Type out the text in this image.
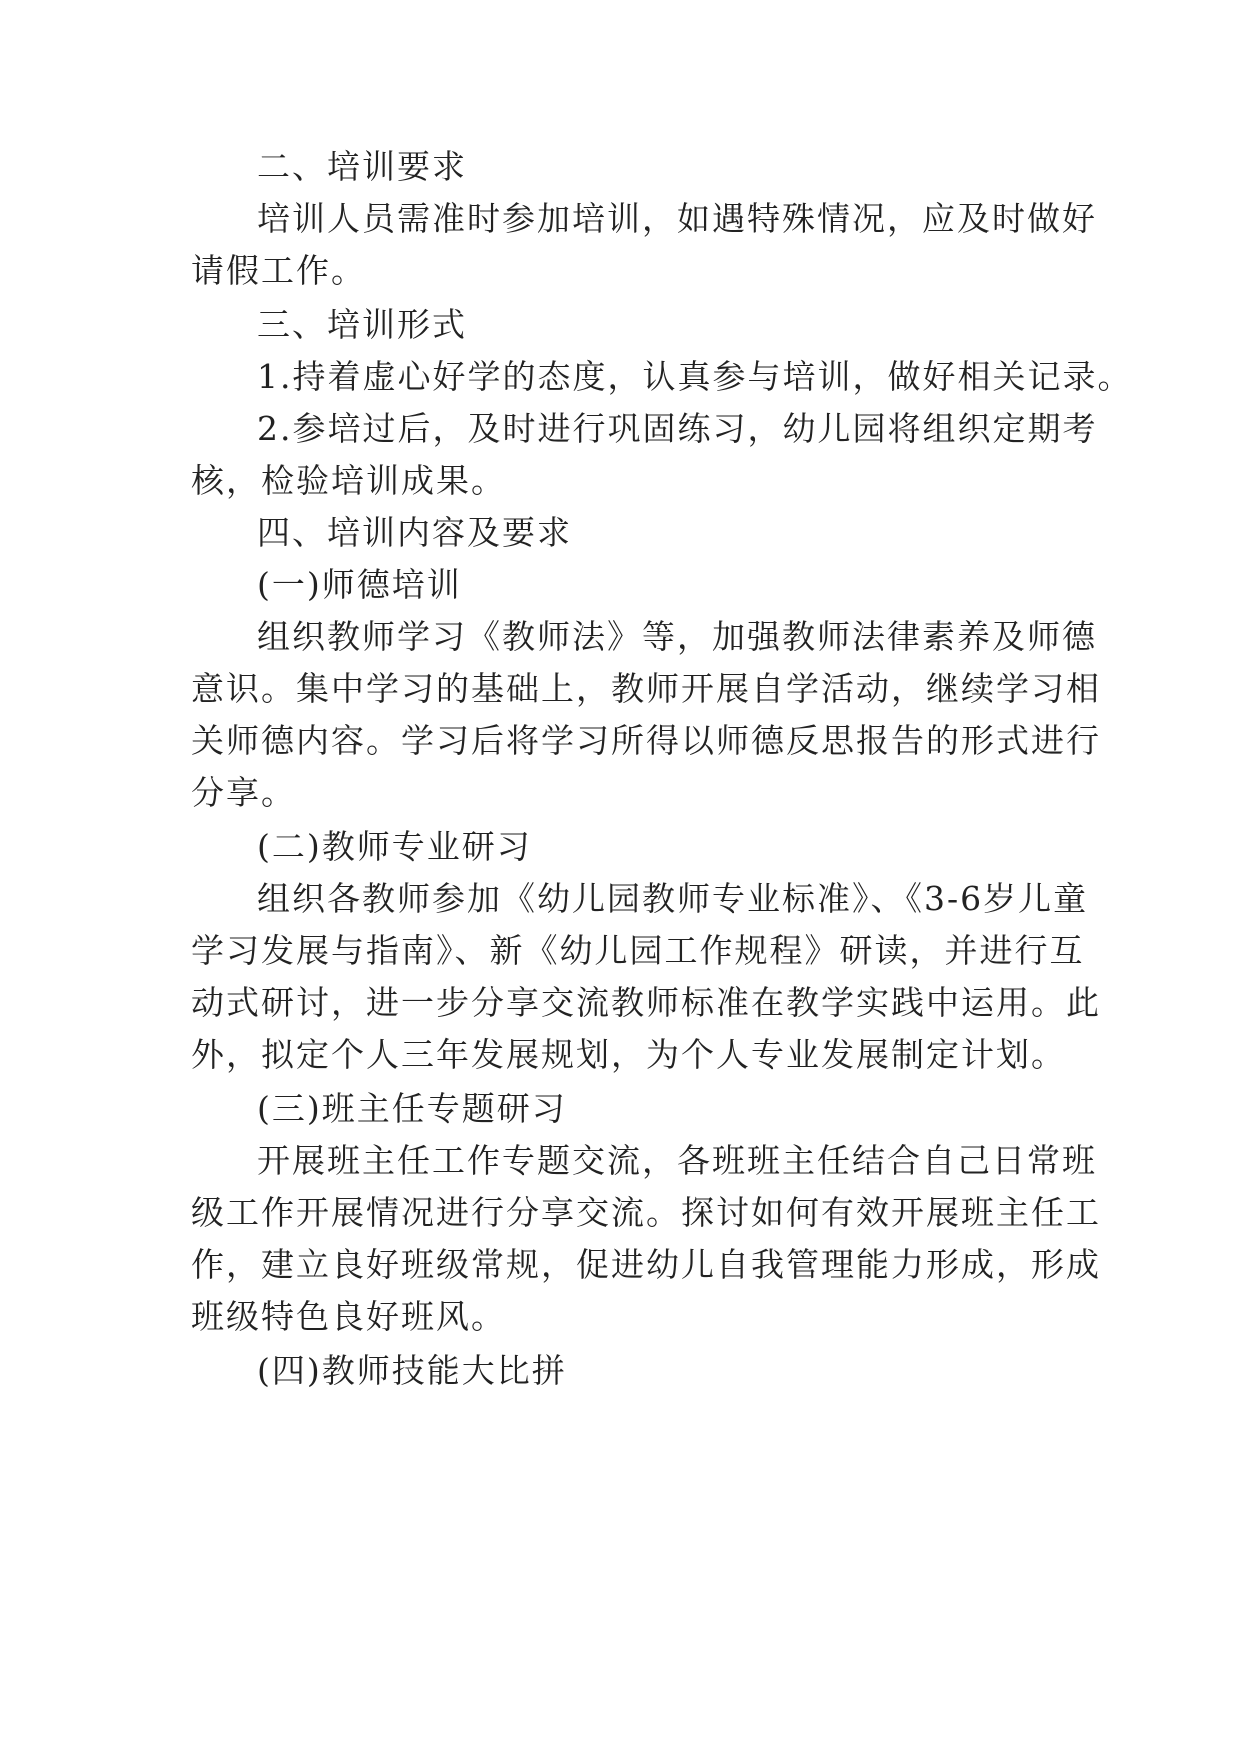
二、培训要求
培训人员需准时参加培训，如遇特殊情况，应及时做好
请假工作。
三、培训形式
1.持着虚心好学的态度，认真参与培训，做好相关记录。
2.参培过后，及时进行巩固练习，幼儿园将组织定期考
核，检验培训成果。
四、培训内容及要求
(一)师德培训
组织教师学习《教师法》等，加强教师法律素养及师德
意识。集中学习的基础上，教师开展自学活动，继续学习相
关师德内容。学习后将学习所得以师德反思报告的形式进行
分享。
(二)教师专业研习
组织各教师参加《幼儿园教师专业标准》、《3-6岁儿童
学习发展与指南》、新《幼儿园工作规程》研读，并进行互
动式研讨，进一步分享交流教师标准在教学实践中运用。此
外，拟定个人三年发展规划，为个人专业发展制定计划。
(三)班主任专题研习
开展班主任工作专题交流，各班班主任结合自己日常班
级工作开展情况进行分享交流。探讨如何有效开展班主任工
作，建立良好班级常规，促进幼儿自我管理能力形成，形成
班级特色良好班风。
(四)教师技能大比拼
